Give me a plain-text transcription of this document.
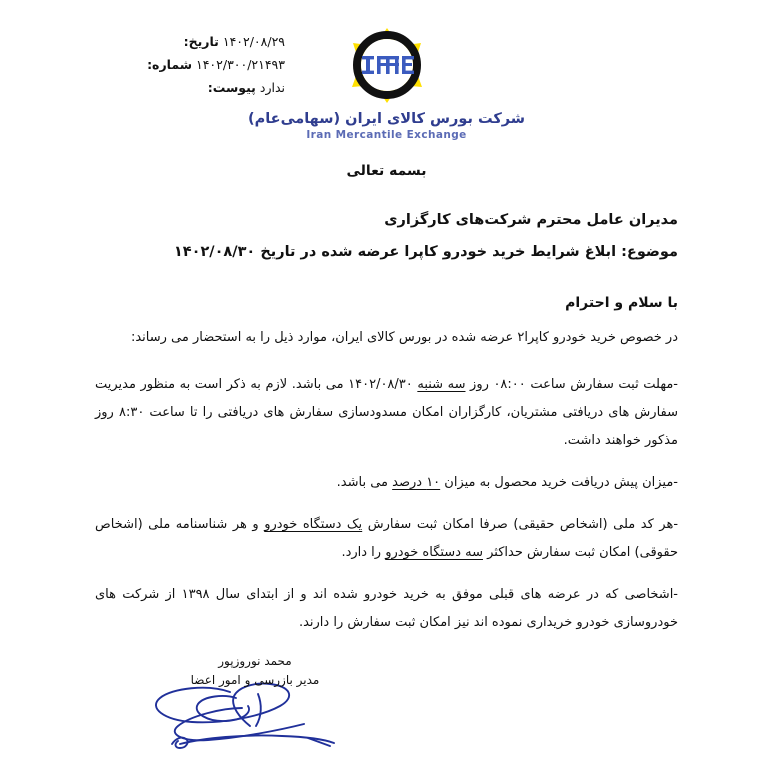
۱۴۰۲/۰۸/۲۹ تاریخ:
۱۴۰۲/۳۰۰/۲۱۴۹۳ شماره:
ندارد پیوست:
شرکت بورس کالای ایران (سهامی‌عام)
Iran Mercantile Exchange

بسمه تعالی

مدیران عامل محترم شرکت‌های کارگزاری

موضوع: ابلاغ شرایط خرید خودرو کاپرا عرضه شده در تاریخ ۱۴۰۲/۰۸/۳۰

با سلام و احترام

در خصوص خرید خودرو کاپرا۲ عرضه شده در بورس کالای ایران، موارد ذیل را به استحضار می رساند:

-مهلت ثبت سفارش ساعت ۰۸:۰۰ روز سه شنبه ۱۴۰۲/۰۸/۳۰ می باشد. لازم به ذکر است به منظور مدیریت سفارش های دریافتی مشتریان، کارگزاران امکان مسدودسازی سفارش های دریافتی را تا ساعت ۸:۳۰ روز مذکور خواهند داشت.

-میزان پیش دریافت خرید محصول به میزان ۱۰ درصد می باشد.

-هر کد ملی (اشخاص حقیقی) صرفا امکان ثبت سفارش یک دستگاه خودرو و هر شناسنامه ملی (اشخاص حقوقی) امکان ثبت سفارش حداکثر سه دستگاه خودرو را دارد.

-اشخاصی که در عرضه های قبلی موفق به خرید خودرو شده اند و از ابتدای سال ۱۳۹۸ از شرکت های خودروسازی خودرو خریداری نموده اند نیز امکان ثبت سفارش را دارند.

محمد نوروزپور
مدیر بازرسی و امور اعضا
